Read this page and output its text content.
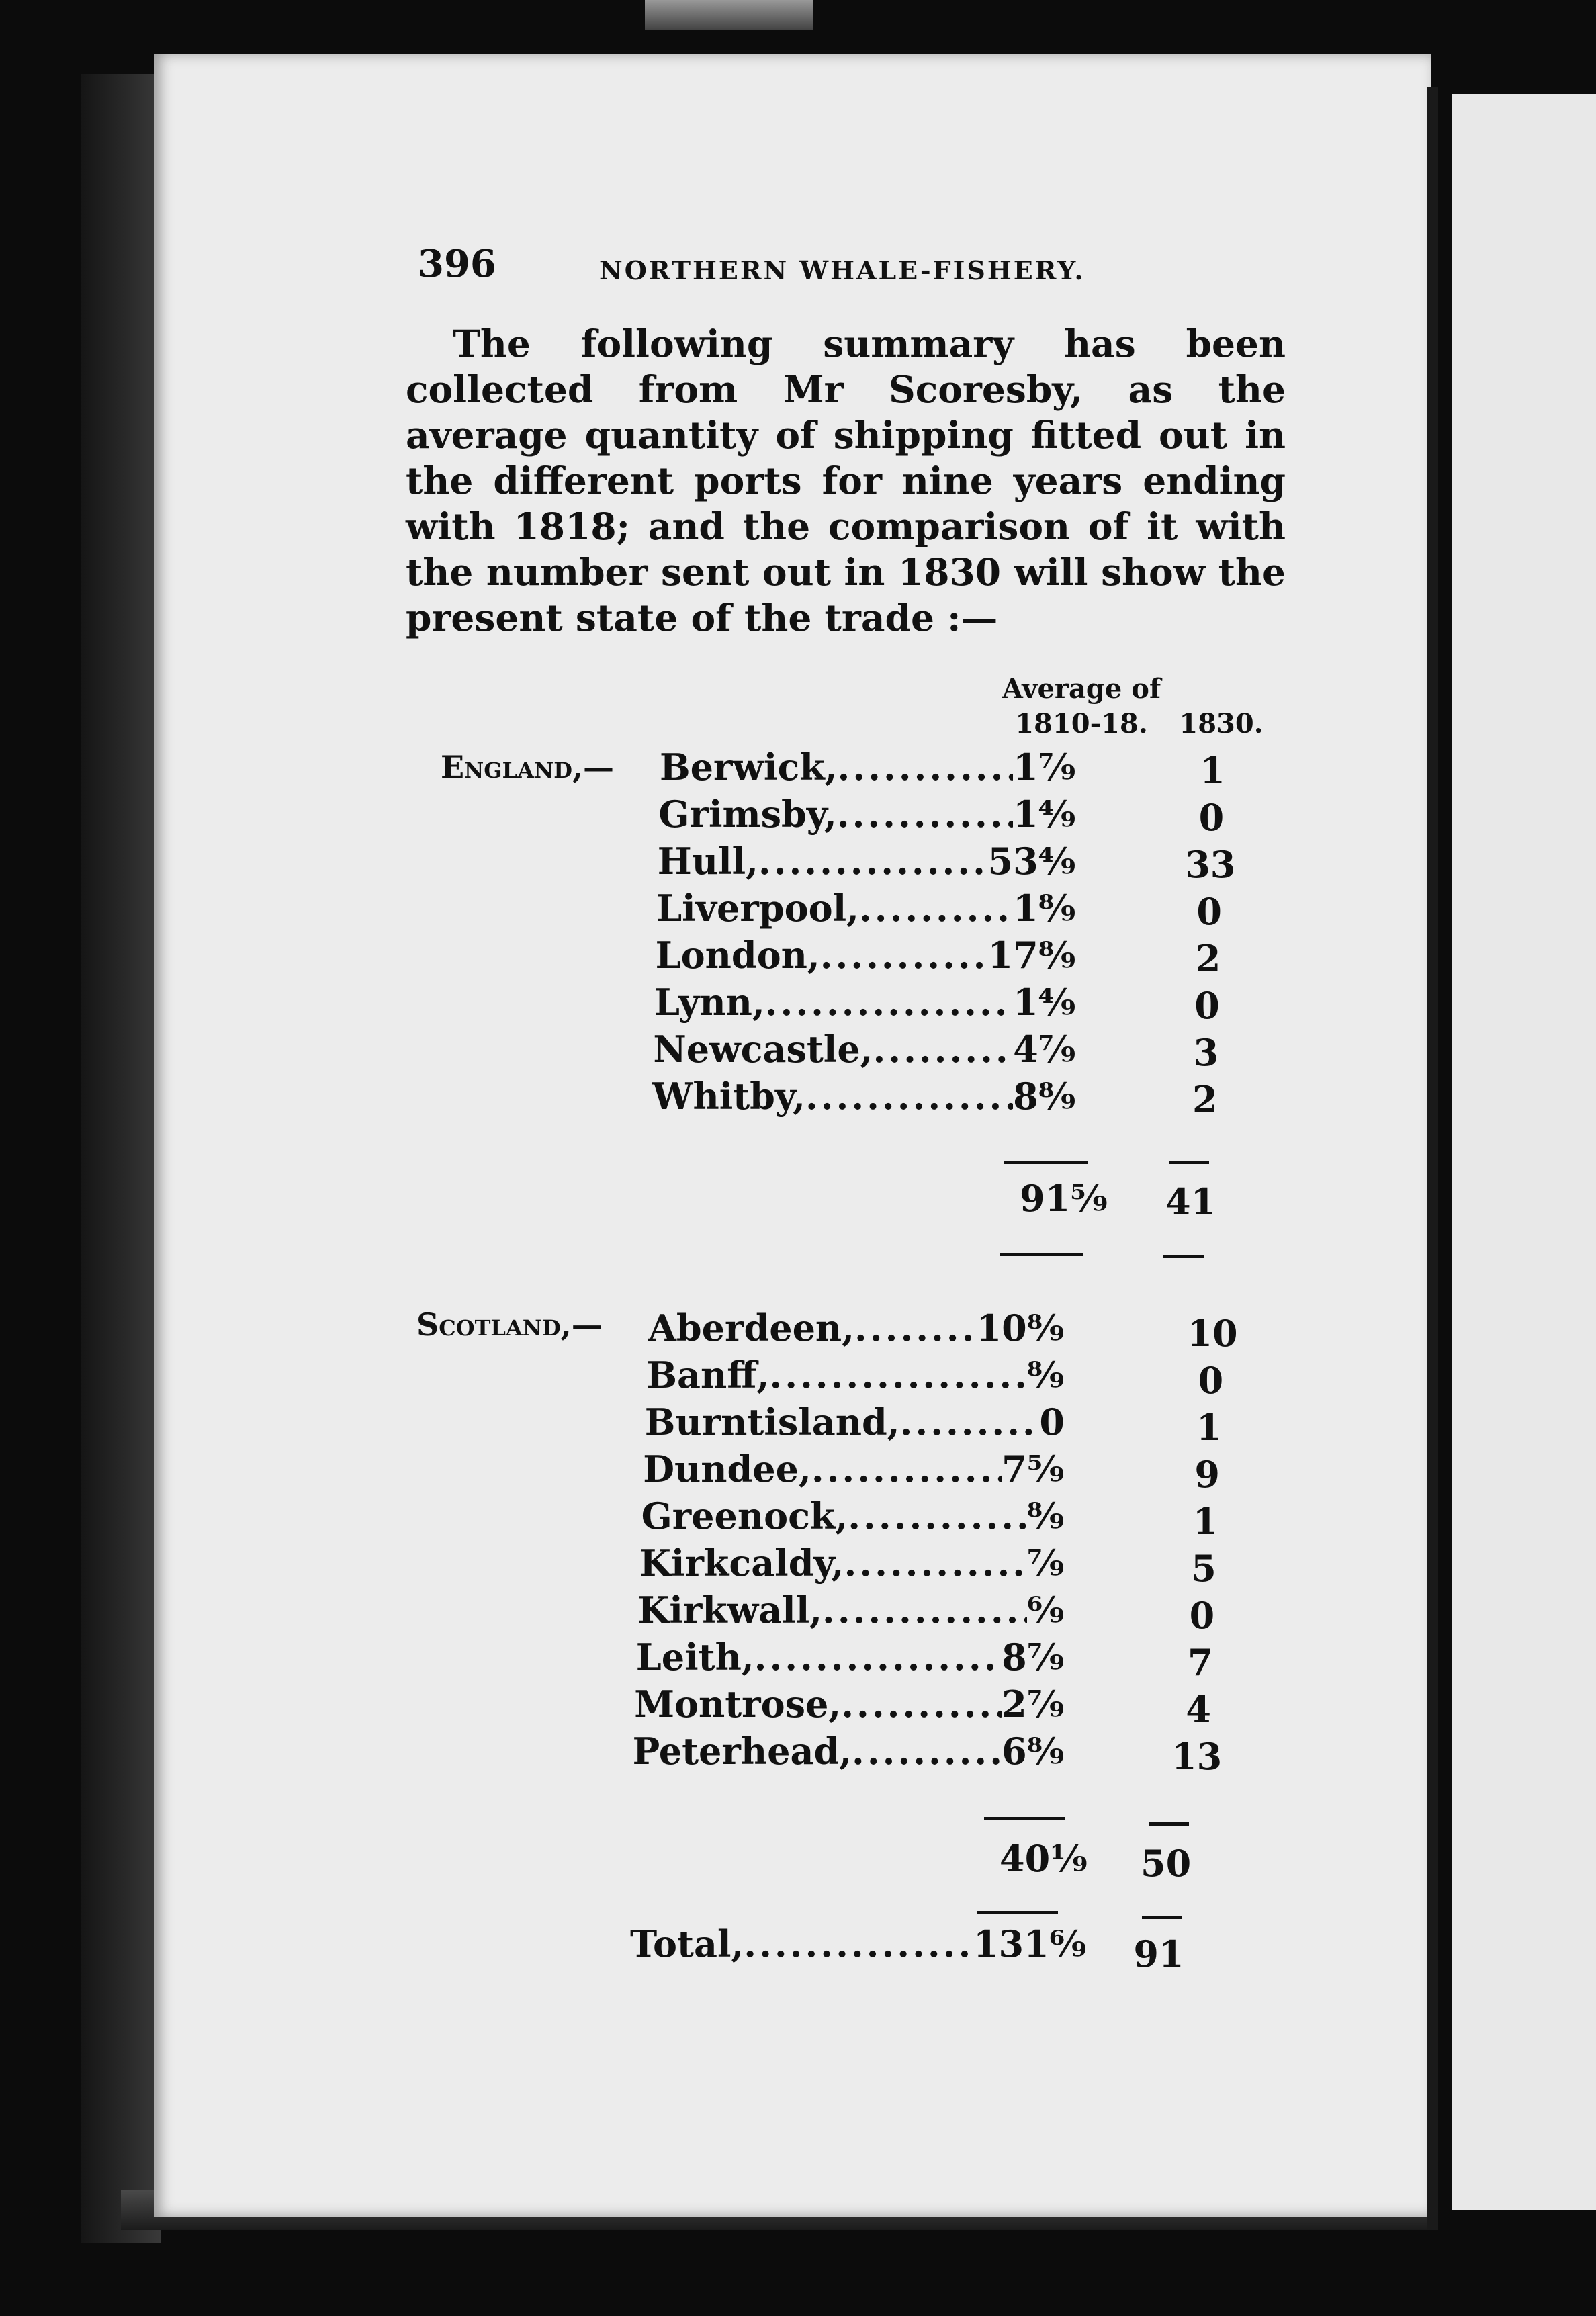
396	NORTHERN WHALE-FISHERY.

The following summary has been collected from Mr Scoresby, as the average quantity of shipping fitted out in the different ports for nine years ending with 1818; and the comparison of it with the number sent out in 1830 will show the present state of the trade :—

Average of
1810-18.	1830.
England,—
Scotland,—
Berwick, .....	1⁷⁄₉	1
Grimsby, .....	1⁴⁄₉	0
Hull, .....	53⁴⁄₉	33
Liverpool, .....	1⁸⁄₉	0
London, .....	17⁸⁄₉	2
Lynn, .....	1⁴⁄₉	0
Newcastle, .....	4⁷⁄₉	3
Whitby, .....	8⁸⁄₉	2
Aberdeen, .....	10⁸⁄₉	10
Banff, .....	⁸⁄₉	0
Burntisland, .....	0	1
Dundee, .....	7⁵⁄₉	9
Greenock, .....	⁸⁄₉	1
Kirkcaldy, .....	⁷⁄₉	5
Kirkwall, .....	⁶⁄₉	0
Leith, .....	8⁷⁄₉	7
Montrose, .....	2⁷⁄₉	4
Peterhead, .....	6⁸⁄₉	13
91⁵⁄₉ 41
40¹⁄₉ 50
Total, .....	131⁶⁄₉	91
